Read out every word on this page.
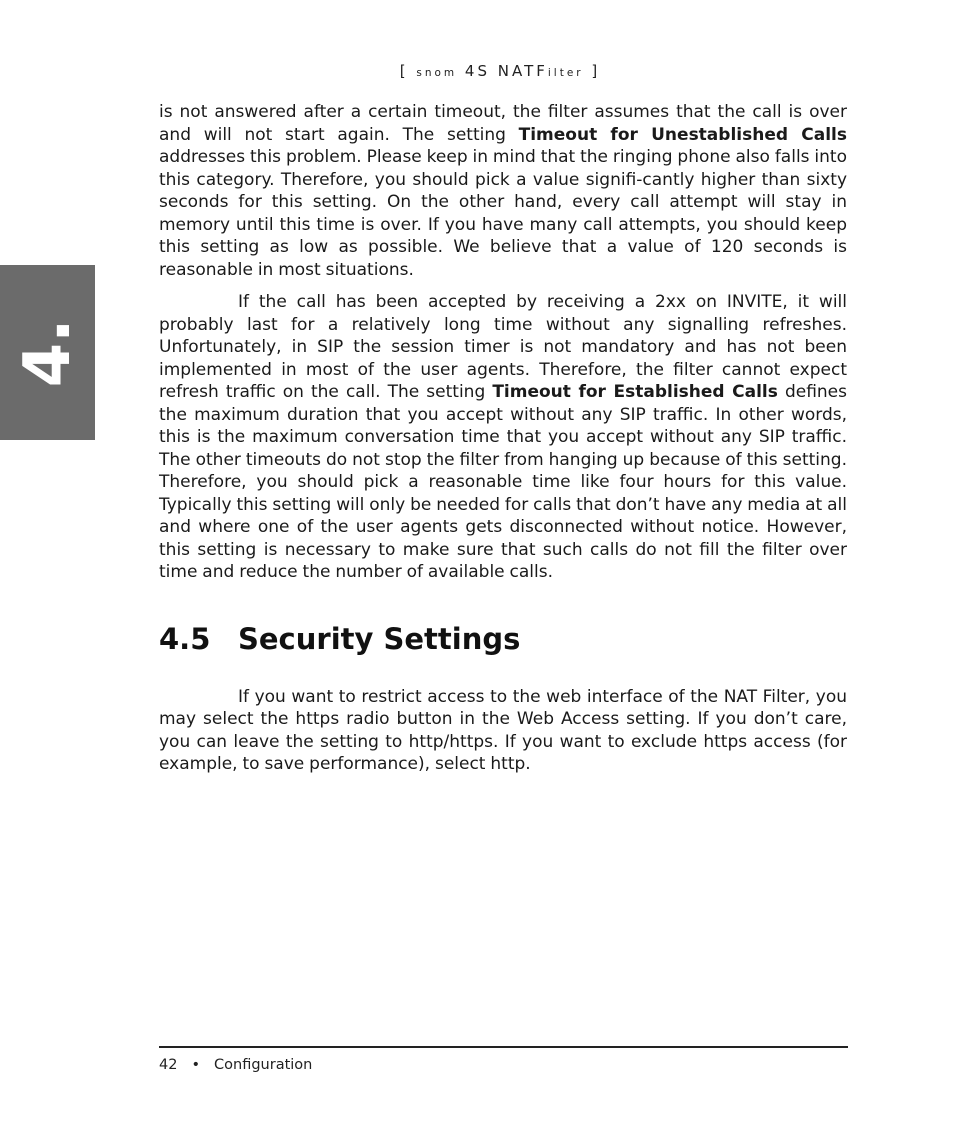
[ snom 4S NATFilter ]
4.

is not answered after a certain timeout, the filter assumes that the call is over and will not start again. The setting Timeout for Unestablished Calls addresses this problem. Please keep in mind that the ringing phone also falls into this category. Therefore, you should pick a value signifi-cantly higher than sixty seconds for this setting. On the other hand, every call attempt will stay in memory until this time is over. If you have many call attempts, you should keep this setting as low as possible. We believe that a value of 120 seconds is reasonable in most situations.

If the call has been accepted by receiving a 2xx on INVITE, it will probably last for a relatively long time without any signalling refreshes. Unfortunately, in SIP the session timer is not mandatory and has not been implemented in most of the user agents. Therefore, the filter cannot expect refresh traffic on the call. The setting Timeout for Established Calls defines the maximum duration that you accept without any SIP traffic. In other words, this is the maximum conversation time that you accept without any SIP traffic. The other timeouts do not stop the filter from hanging up because of this setting. Therefore, you should pick a reasonable time like four hours for this value. Typically this setting will only be needed for calls that don’t have any media at all and where one of the user agents gets disconnected without notice. However, this setting is necessary to make sure that such calls do not fill the filter over time and reduce the number of available calls.

4.5 Security Settings

If you want to restrict access to the web interface of the NAT Filter, you may select the https radio button in the Web Access setting. If you don’t care, you can leave the setting to http/https. If you want to exclude https access (for example, to save performance), select http.

42 • Configuration
